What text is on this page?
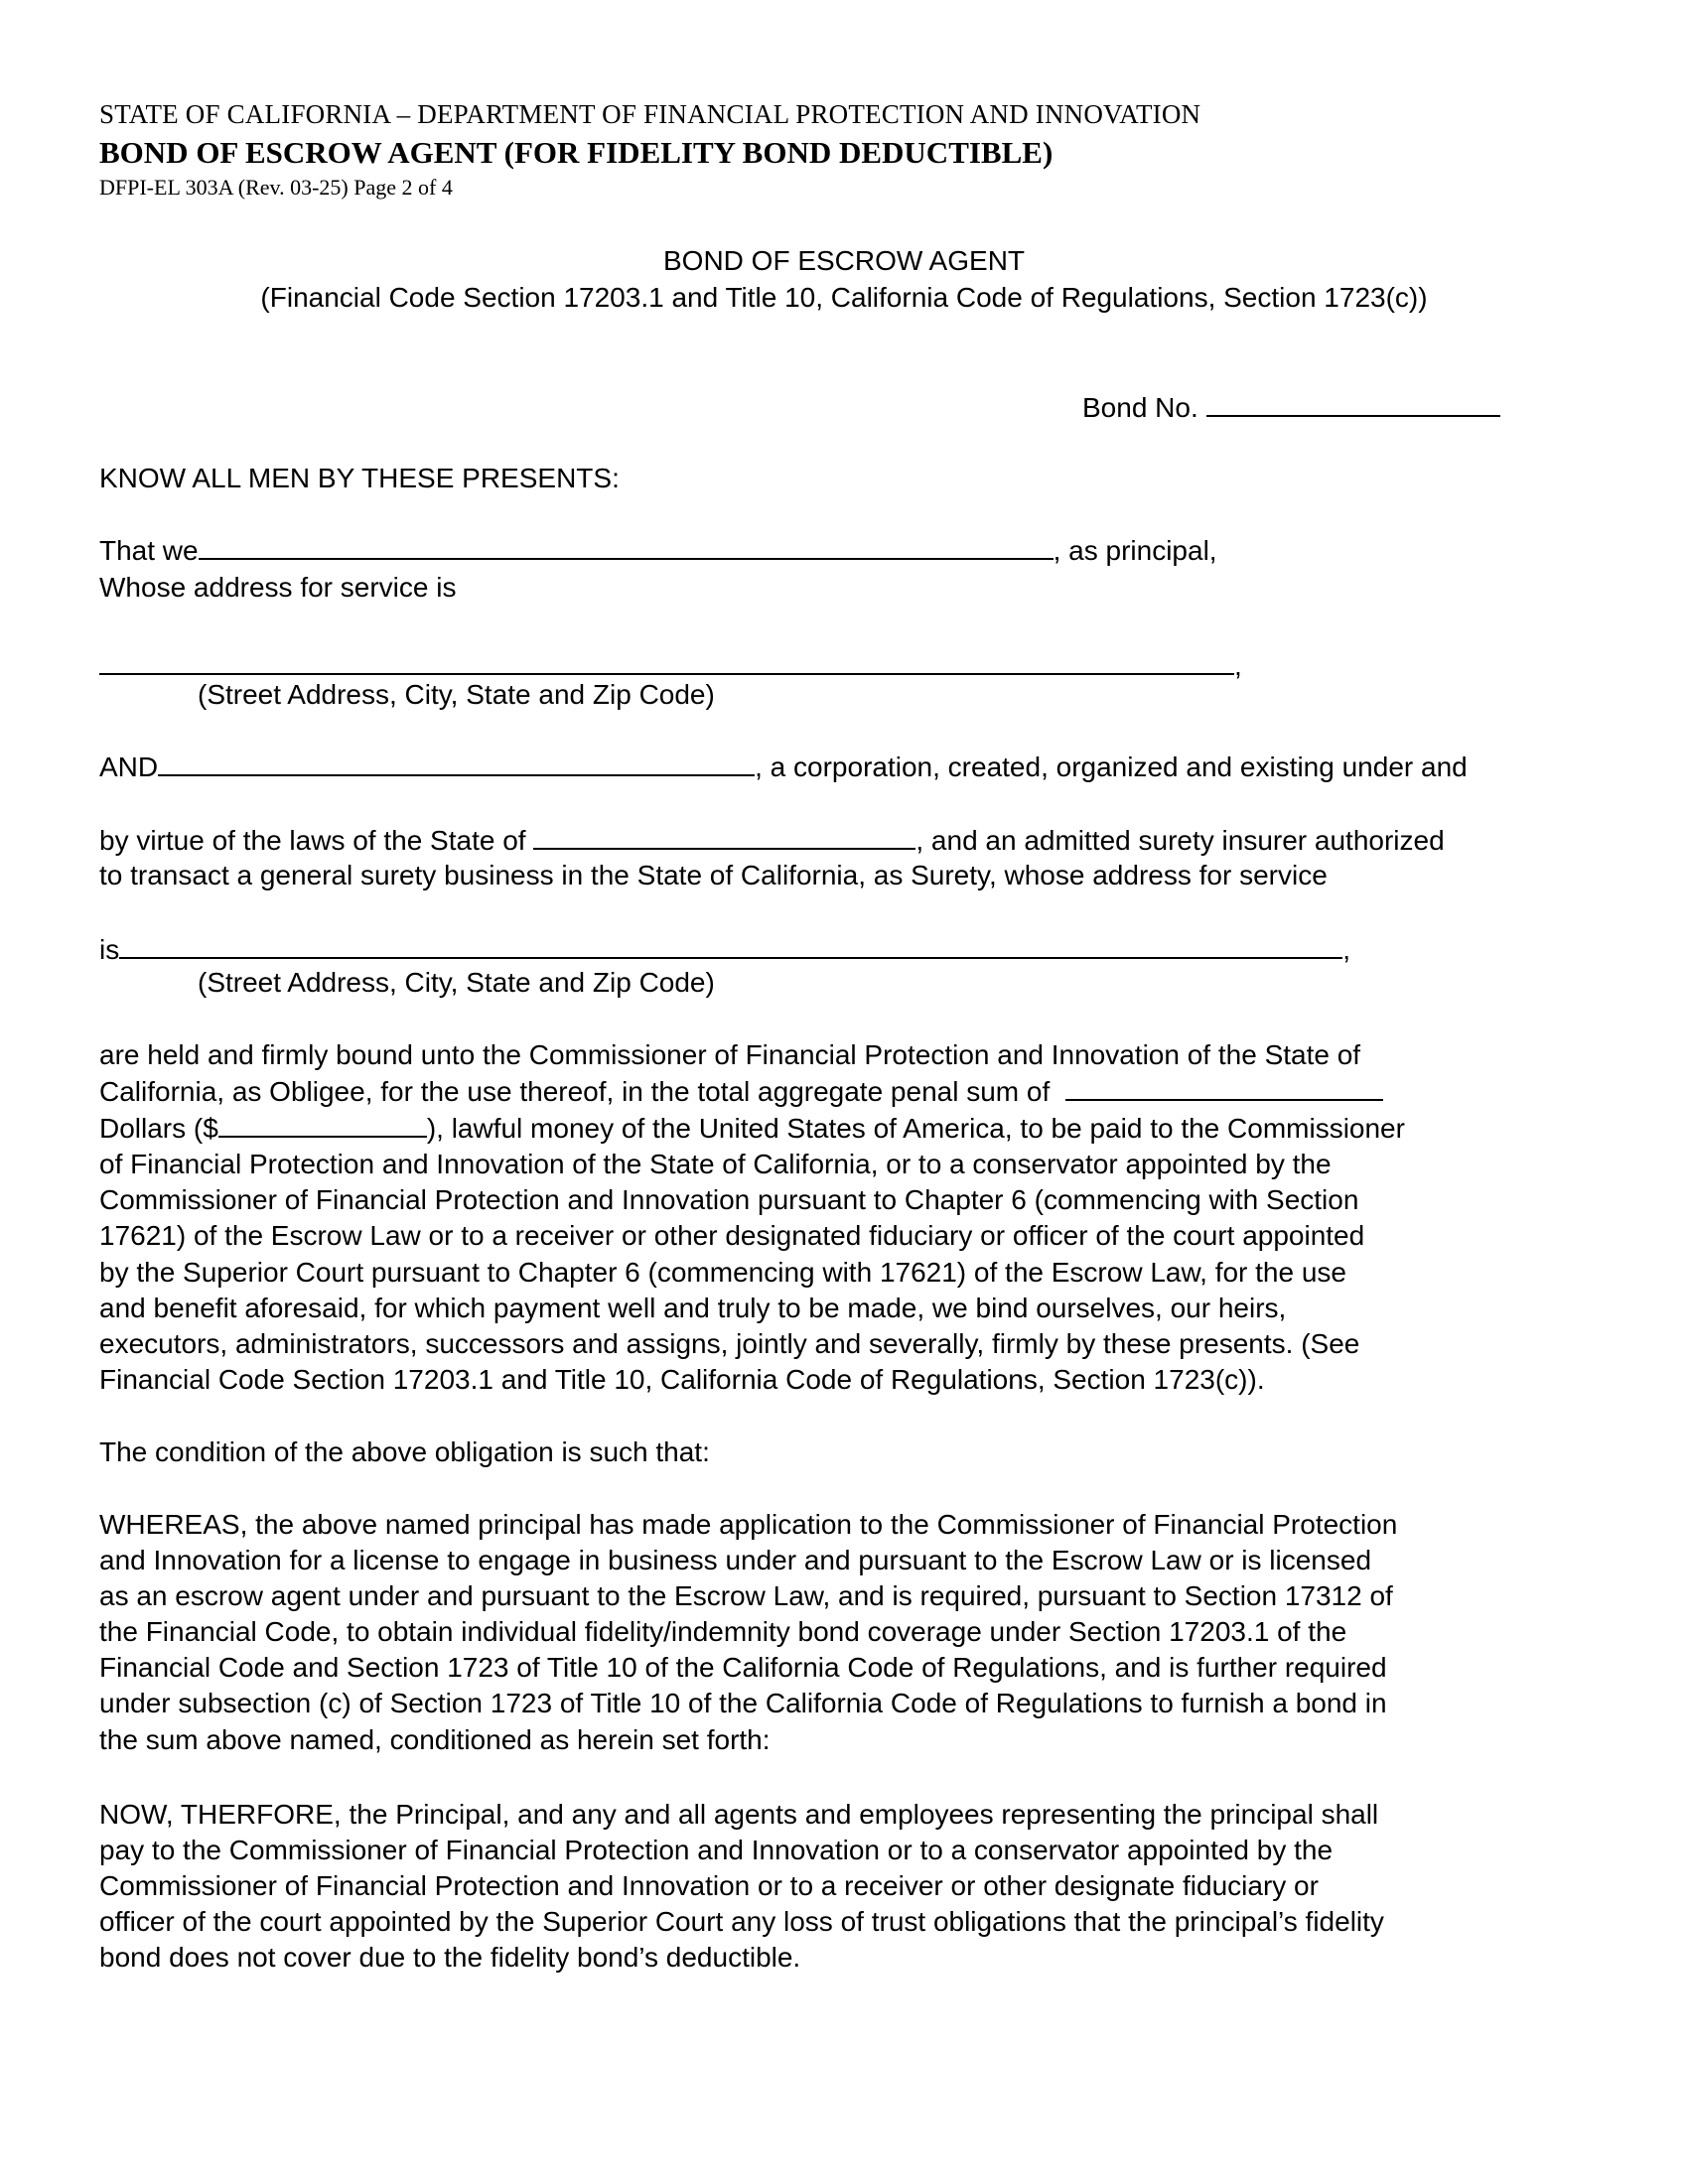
STATE OF CALIFORNIA – DEPARTMENT OF FINANCIAL PROTECTION AND INNOVATION
BOND OF ESCROW AGENT (FOR FIDELITY BOND DEDUCTIBLE)
DFPI-EL 303A (Rev. 03-25) Page 2 of 4
BOND OF ESCROW AGENT
(Financial Code Section 17203.1 and Title 10, California Code of Regulations, Section 1723(c))
Bond No.
KNOW ALL MEN BY THESE PRESENTS:
That we	, as principal,
Whose address for service is
,
(Street Address, City, State and Zip Code)
AND	, a corporation, created, organized and existing under and
by virtue of the laws of the State of	, and an admitted surety insurer authorized
to transact a general surety business in the State of California, as Surety, whose address for service
is	,
(Street Address, City, State and Zip Code)
are held and firmly bound unto the Commissioner of Financial Protection and Innovation of the State of
California, as Obligee, for the use thereof, in the total aggregate penal sum of
Dollars ($	), lawful money of the United States of America, to be paid to the Commissioner
of Financial Protection and Innovation of the State of California, or to a conservator appointed by the
Commissioner of Financial Protection and Innovation pursuant to Chapter 6 (commencing with Section
17621) of the Escrow Law or to a receiver or other designated fiduciary or officer of the court appointed
by the Superior Court pursuant to Chapter 6 (commencing with 17621) of the Escrow Law, for the use
and benefit aforesaid, for which payment well and truly to be made, we bind ourselves, our heirs,
executors, administrators, successors and assigns, jointly and severally, firmly by these presents. (See
Financial Code Section 17203.1 and Title 10, California Code of Regulations, Section 1723(c)).
The condition of the above obligation is such that:
WHEREAS, the above named principal has made application to the Commissioner of Financial Protection
and Innovation for a license to engage in business under and pursuant to the Escrow Law or is licensed
as an escrow agent under and pursuant to the Escrow Law, and is required, pursuant to Section 17312 of
the Financial Code, to obtain individual fidelity/indemnity bond coverage under Section 17203.1 of the
Financial Code and Section 1723 of Title 10 of the California Code of Regulations, and is further required
under subsection (c) of Section 1723 of Title 10 of the California Code of Regulations to furnish a bond in
the sum above named, conditioned as herein set forth:
NOW, THERFORE, the Principal, and any and all agents and employees representing the principal shall
pay to the Commissioner of Financial Protection and Innovation or to a conservator appointed by the
Commissioner of Financial Protection and Innovation or to a receiver or other designate fiduciary or
officer of the court appointed by the Superior Court any loss of trust obligations that the principal’s fidelity
bond does not cover due to the fidelity bond’s deductible.
